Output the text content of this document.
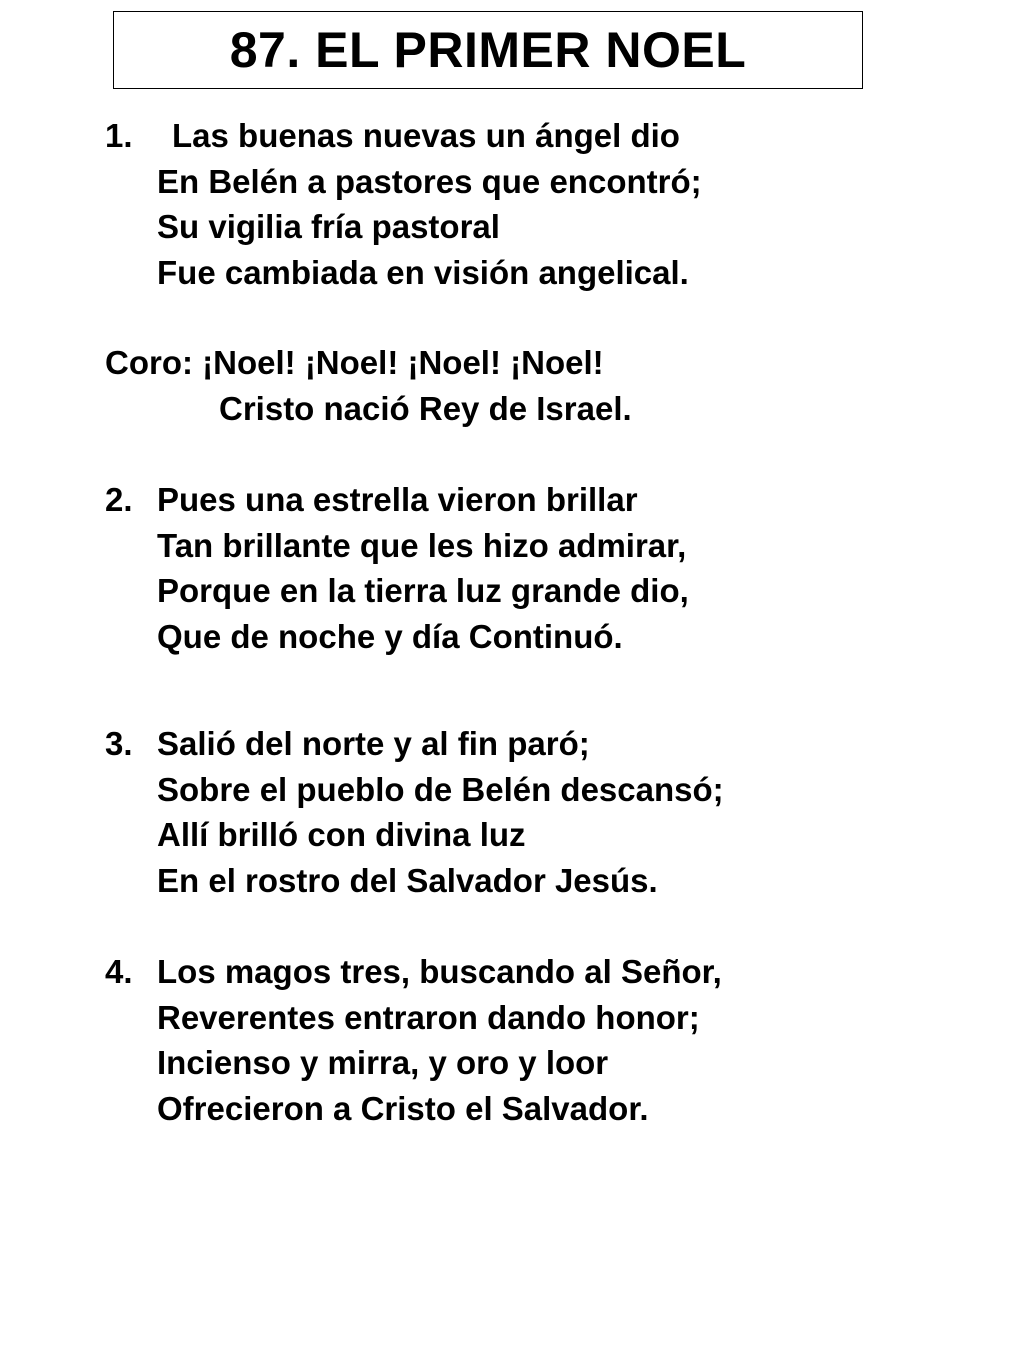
87. EL PRIMER NOEL
1.	Las buenas nuevas un ángel dio
En Belén a pastores que encontró;
Su vigilia fría pastoral
Fue cambiada en visión angelical.
Coro:
¡Noel! ¡Noel! ¡Noel! ¡Noel!
Cristo nació Rey de Israel.
2. Pues una estrella vieron brillar
Tan brillante que les hizo admirar,
Porque en la tierra luz grande dio,
Que de noche y día Continuó.
3. Salió del norte y al fin paró;
Sobre el pueblo de Belén descansó;
Allí brilló con divina luz
En el rostro del Salvador Jesús.
4. Los magos tres, buscando al Señor,
Reverentes entraron dando honor;
Incienso y mirra, y oro y loor
Ofrecieron a Cristo el Salvador.
